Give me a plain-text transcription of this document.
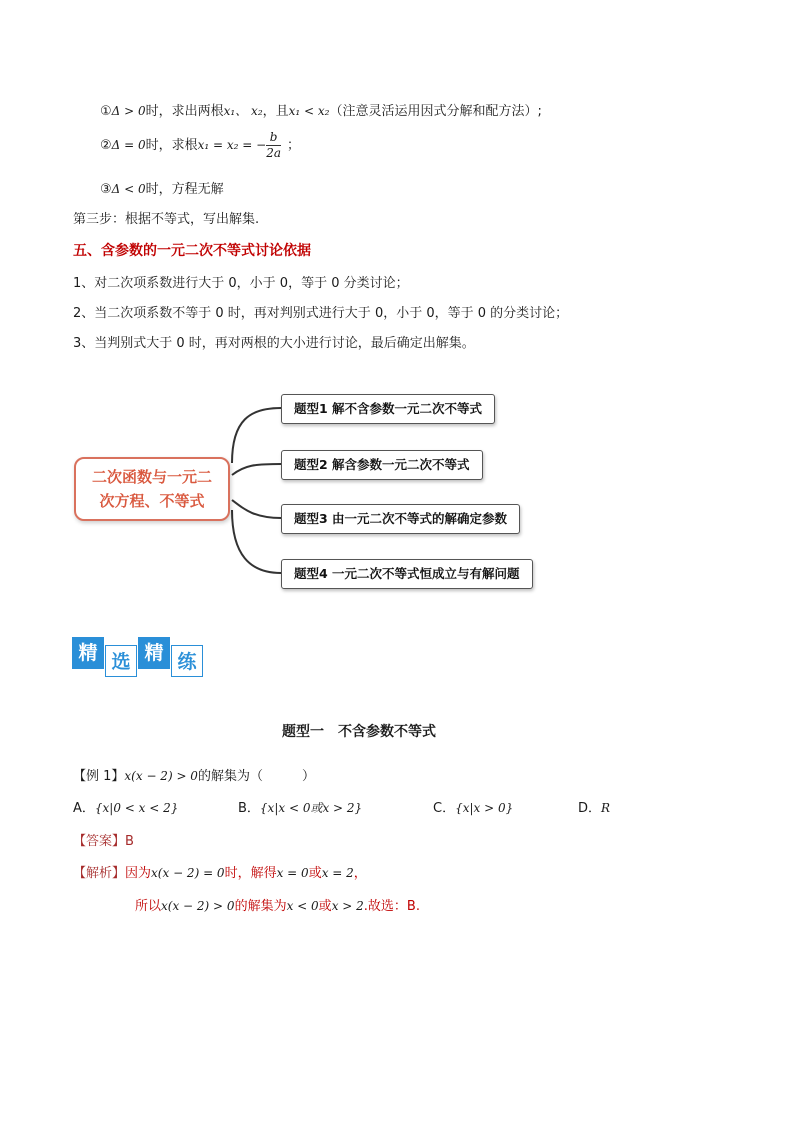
①Δ > 0时，求出两根x₁、 x₂，且x₁ < x₂（注意灵活运用因式分解和配方法）;
②Δ = 0时，求根x₁ = x₂ = − $\frac{b}{2a}$ ；
③Δ < 0时，方程无解
第三步：根据不等式，写出解集.
五、含参数的一元二次不等式讨论依据
1、对二次项系数进行大于 0，小于 0，等于 0 分类讨论；
2、当二次项系数不等于 0 时，再对判别式进行大于 0，小于 0，等于 0 的分类讨论；
3、当判别式大于 0 时，再对两根的大小进行讨论，最后确定出解集。
二次函数与一元二
次方程、不等式
题型1 解不含参数一元二次不等式
题型2 解含参数一元二次不等式
题型3 由一元二次不等式的解确定参数
题型4 一元二次不等式恒成立与有解问题
精 选 精 练
题型一　不含参数不等式
【例 1】x(x − 2) > 0的解集为（　　　）
A．{x|0 < x < 2}	B．{x|x < 0或x > 2}	C．{x|x > 0}	D．R
【答案】B
【解析】因为x(x − 2) = 0时，解得x = 0或x = 2，
所以x(x − 2) > 0的解集为x < 0或x > 2.故选：B.
